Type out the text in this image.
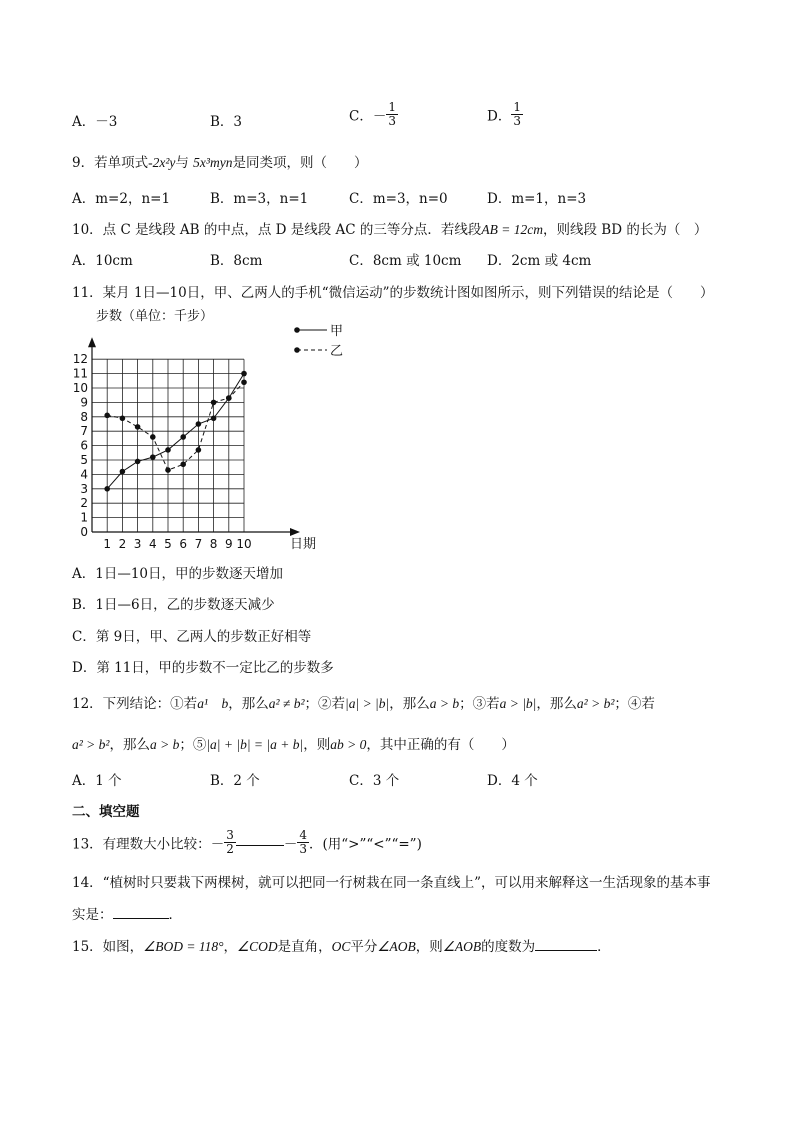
A．－3	B．3	C．－ $\frac{1}{3}$	D． $\frac{1}{3}$
9．若单项式-2x²y与 5x³myn是同类项，则（　　）
A．m=2，n=1	B．m=3，n=1	C．m=3，n=0	D．m=1，n=3
10．点 C 是线段 AB 的中点，点 D 是线段 AC 的三等分点．若线段AB = 12cm，则线段 BD 的长为（　）
A．10cm	B．8cm	C．8cm 或 10cm D．2cm 或 4cm
11．某月 1日—10日，甲、乙两人的手机“微信运动”的步数统计图如图所示，则下列错误的结论是（　　）
0
1
2
3
4
5
6
7
8
9
10
11
12
1 2 3 4 5 6 7 8 9 10
步数（单位：千步）
日期
甲
乙
A．1日—10日，甲的步数逐天增加
B．1日—6日，乙的步数逐天减少
C．第 9日，甲、乙两人的步数正好相等
D．第 11日，甲的步数不一定比乙的步数多
12．下列结论：①若a¹　b，那么a² ≠ b²；②若|a| > |b|，那么a > b；③若a > |b|，那么a² > b²；④若
a² > b²，那么a > b；⑤|a| + |b| = |a + b|，则ab > 0，其中正确的有（　　）
A．1 个	B．2 个	C．3 个	D．4 个
二、填空题
13．有理数大小比较：－ $\frac{3}{2}$	－ $\frac{4}{3}$ ．(用“>”“<”“=”)
14．“植树时只要栽下两棵树，就可以把同一行树栽在同一条直线上”，可以用来解释这一生活现象的基本事
实是：	．
15．如图，∠BOD = 118°，∠COD是直角，OC平分∠AOB，则∠AOB的度数为	．
